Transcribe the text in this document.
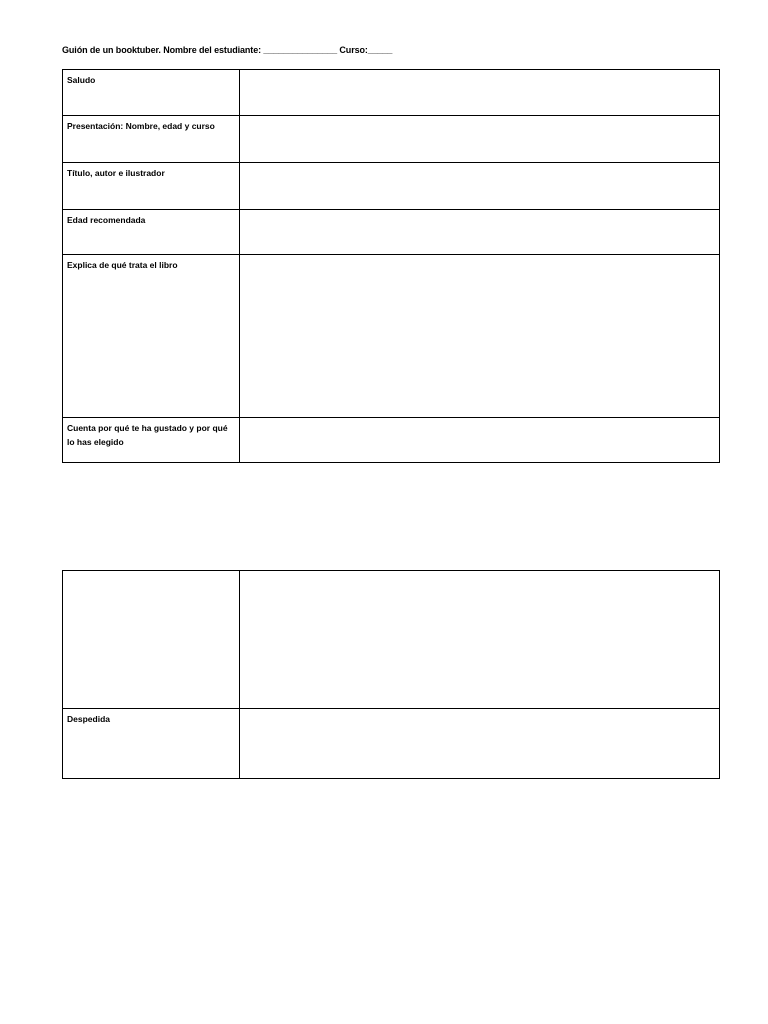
Guión de un booktuber. Nombre del estudiante: _______________ Curso:_____
Saludo	

Presentación: Nombre, edad y curso	

Título, autor e ilustrador	

Edad recomendada	

Explica de qué trata el libro	

Cuenta por qué te ha gustado y por qué lo has elegido	

Despedida	
